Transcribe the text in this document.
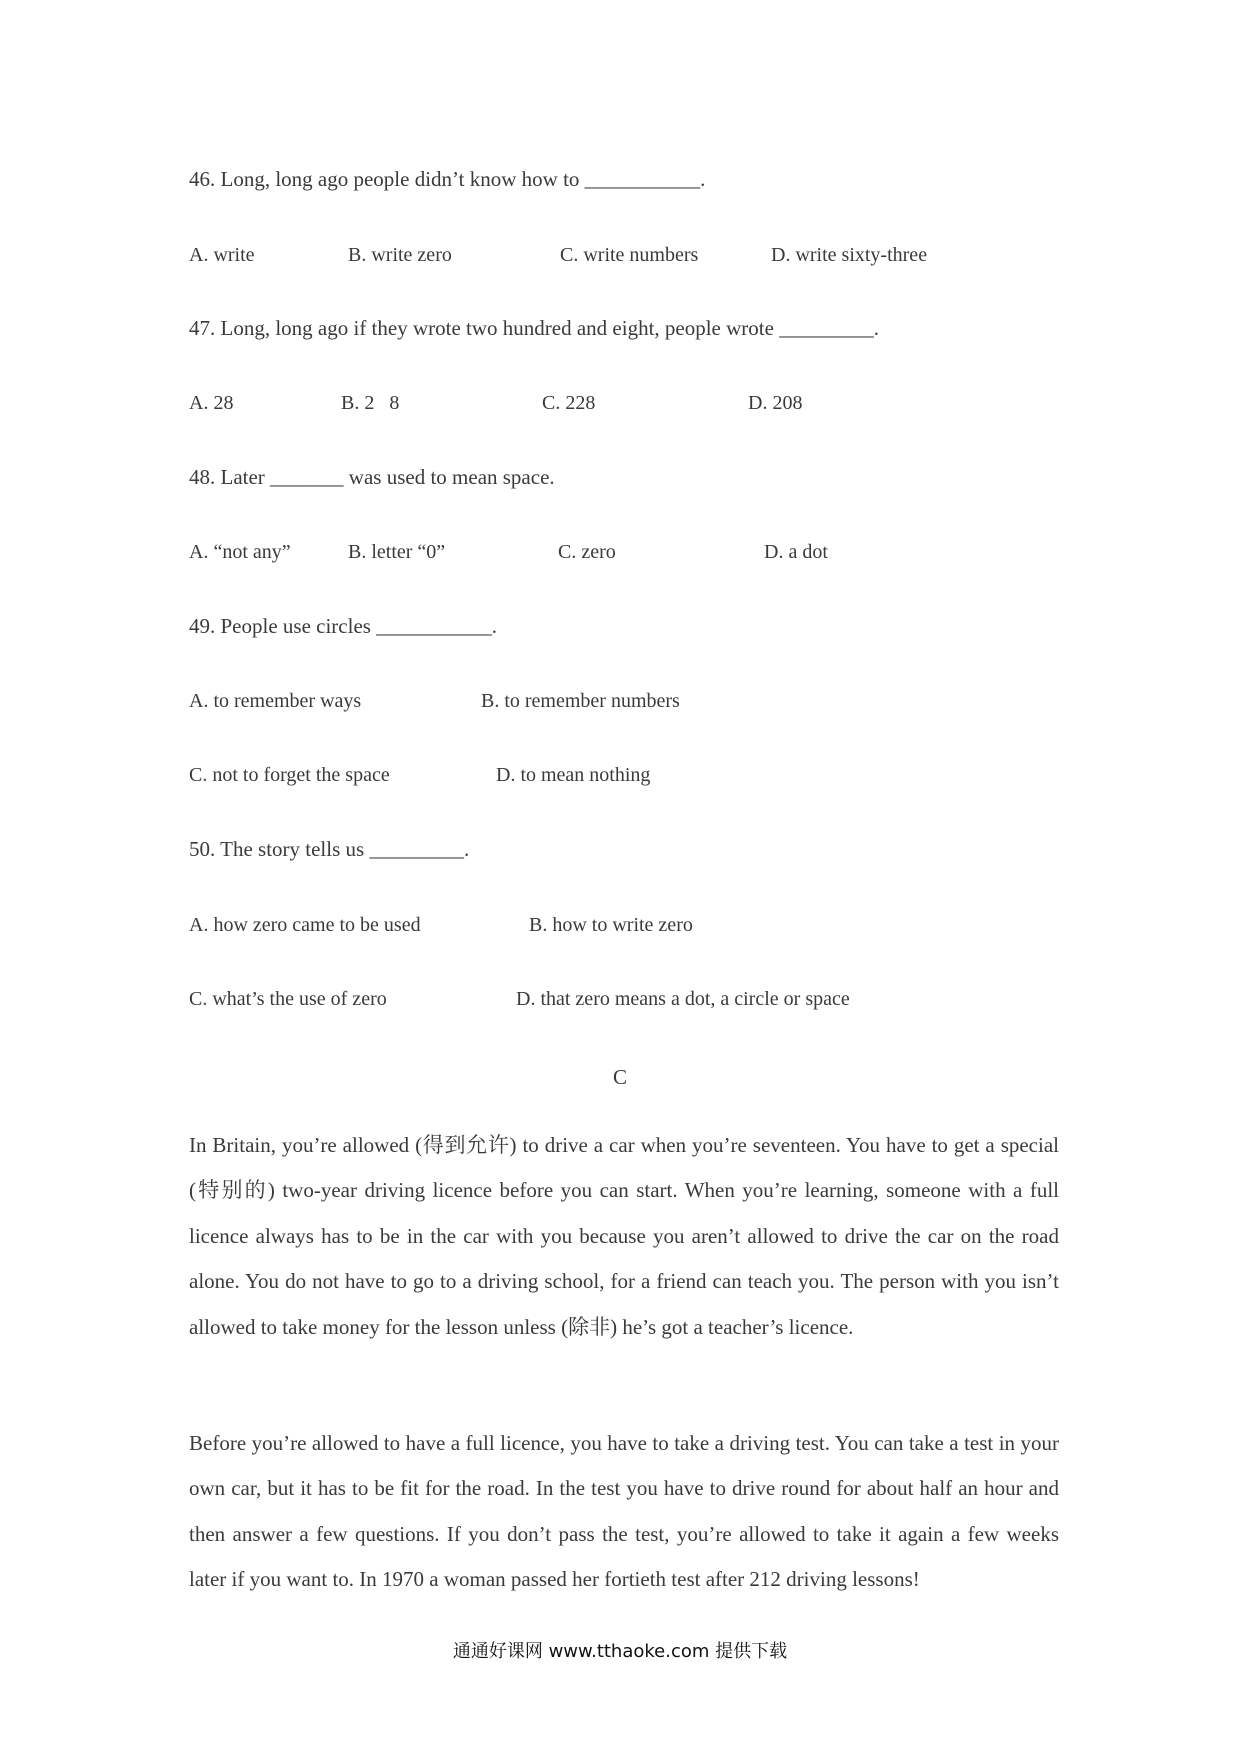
46. Long, long ago people didn’t know how to ___________.
A. write	B. write zero	C. write numbers	D. write sixty-three
47. Long, long ago if they wrote two hundred and eight, people wrote _________.
A. 28	B. 2   8	C. 228	D. 208
48. Later _______ was used to mean space.
A. “not any”	B. letter “0”	C. zero	D. a dot
49. People use circles ___________.
A. to remember ways	B. to remember numbers
C. not to forget the space	D. to mean nothing
50. The story tells us _________.
A. how zero came to be used	B. how to write zero
C. what’s the use of zero	D. that zero means a dot, a circle or space
C
In Britain, you’re allowed (得到允许) to drive a car when you’re seventeen. You have to get a special (特别的) two-year driving licence before you can start. When you’re learning, someone with a full licence always has to be in the car with you because you aren’t allowed to drive the car on the road alone. You do not have to go to a driving school, for a friend can teach you. The person with you isn’t allowed to take money for the lesson unless (除非) he’s got a teacher’s licence.
Before you’re allowed to have a full licence, you have to take a driving test. You can take a test in your own car, but it has to be fit for the road. In the test you have to drive round for about half an hour and then answer a few questions. If you don’t pass the test, you’re allowed to take it again a few weeks later if you want to. In 1970 a woman passed her fortieth test after 212 driving lessons!
通通好课网 www.tthaoke.com 提供下载
